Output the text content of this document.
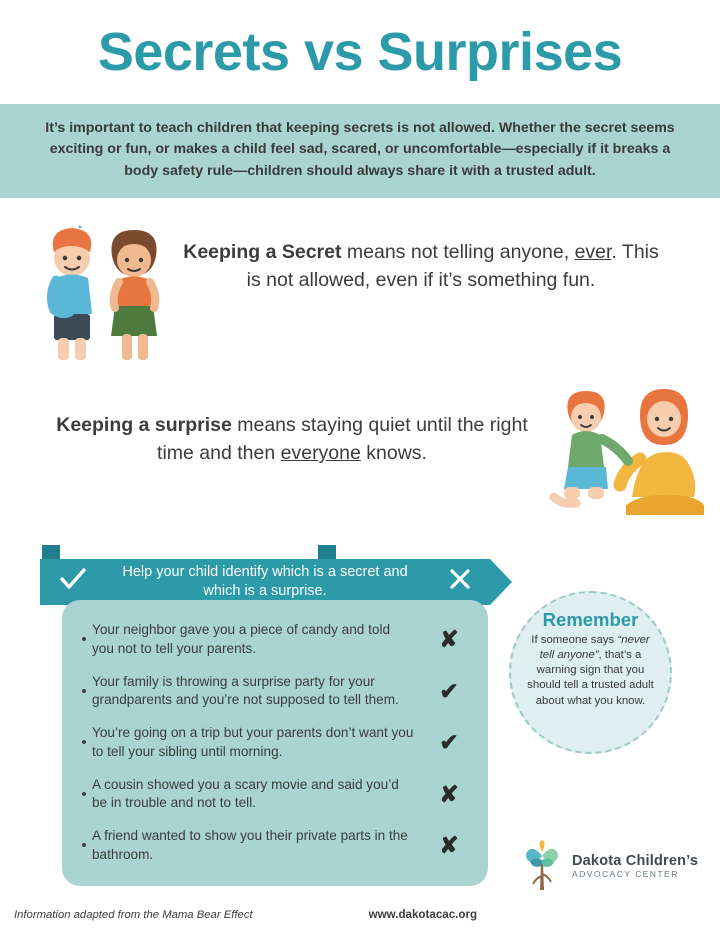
Secrets vs Surprises
It’s important to teach children that keeping secrets is not allowed. Whether the secret seems exciting or fun, or makes a child feel sad, scared, or uncomfortable—especially if it breaks a body safety rule—children should always share it with a trusted adult.
Keeping a Secret means not telling anyone, ever. This is not allowed, even if it’s something fun.
Keeping a surprise means staying quiet until the right time and then everyone knows.
Help your child identify which is a secret and which is a surprise.
•
Your neighbor gave you a piece of candy and told you not to tell your parents.	✘
•
Your family is throwing a surprise party for your grandparents and you’re not supposed to tell them.	✔
•
You’re going on a trip but your parents don’t want you to tell your sibling until morning.	✔
•
A cousin showed you a scary movie and said you’d be in trouble and not to tell.	✘
•
A friend wanted to show you their private parts in the bathroom.	✘
Remember
If someone says “never tell anyone”, that’s a warning sign that you should tell a trusted adult about what you know.
Dakota Children’s
ADVOCACY CENTER
Information adapted from the Mama Bear Effect	www.dakotacac.org
